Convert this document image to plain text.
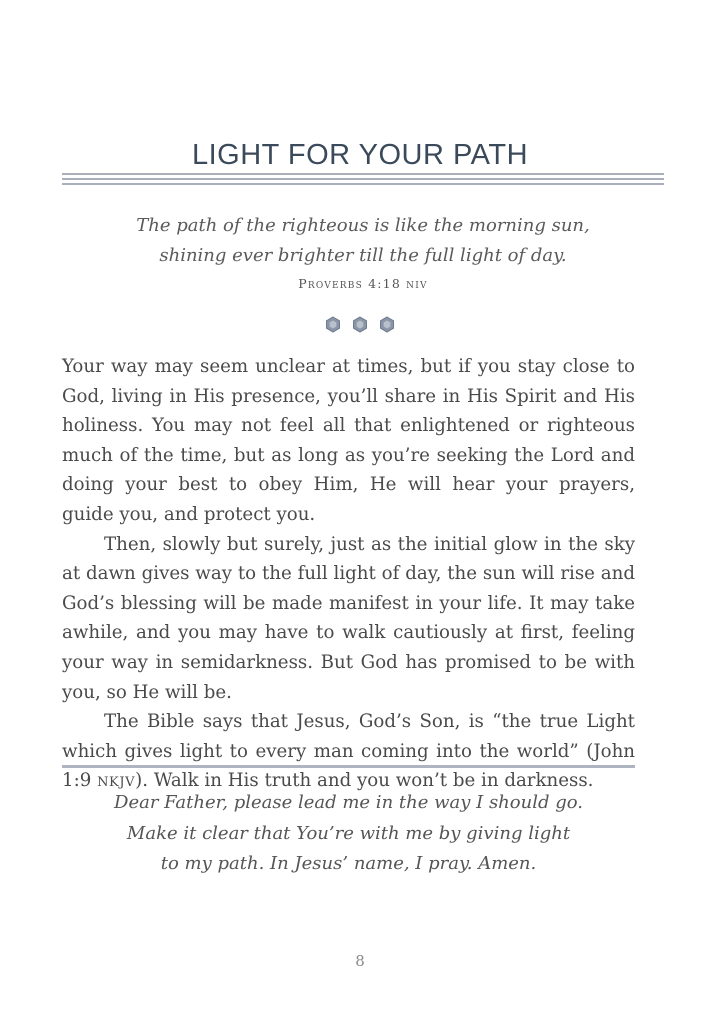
LIGHT FOR YOUR PATH
The path of the righteous is like the morning sun,
shining ever brighter till the full light of day.
Proverbs 4:18 niv

Your way may seem unclear at times, but if you stay close to God, living in His presence, you’ll share in His Spirit and His holiness. You may not feel all that enlightened or righteous much of the time, but as long as you’re seeking the Lord and doing your best to obey Him, He will hear your prayers, guide you, and protect you.

Then, slowly but surely, just as the initial glow in the sky at dawn gives way to the full light of day, the sun will rise and God’s blessing will be made manifest in your life. It may take awhile, and you may have to walk cautiously at first, feeling your way in semidarkness. But God has promised to be with you, so He will be.

The Bible says that Jesus, God’s Son, is “the true Light which gives light to every man coming into the world” (John 1:9 NKJV). Walk in His truth and you won’t be in darkness.

Dear Father, please lead me in the way I should go.
Make it clear that You’re with me by giving light
to my path. In Jesus’ name, I pray. Amen.
8
